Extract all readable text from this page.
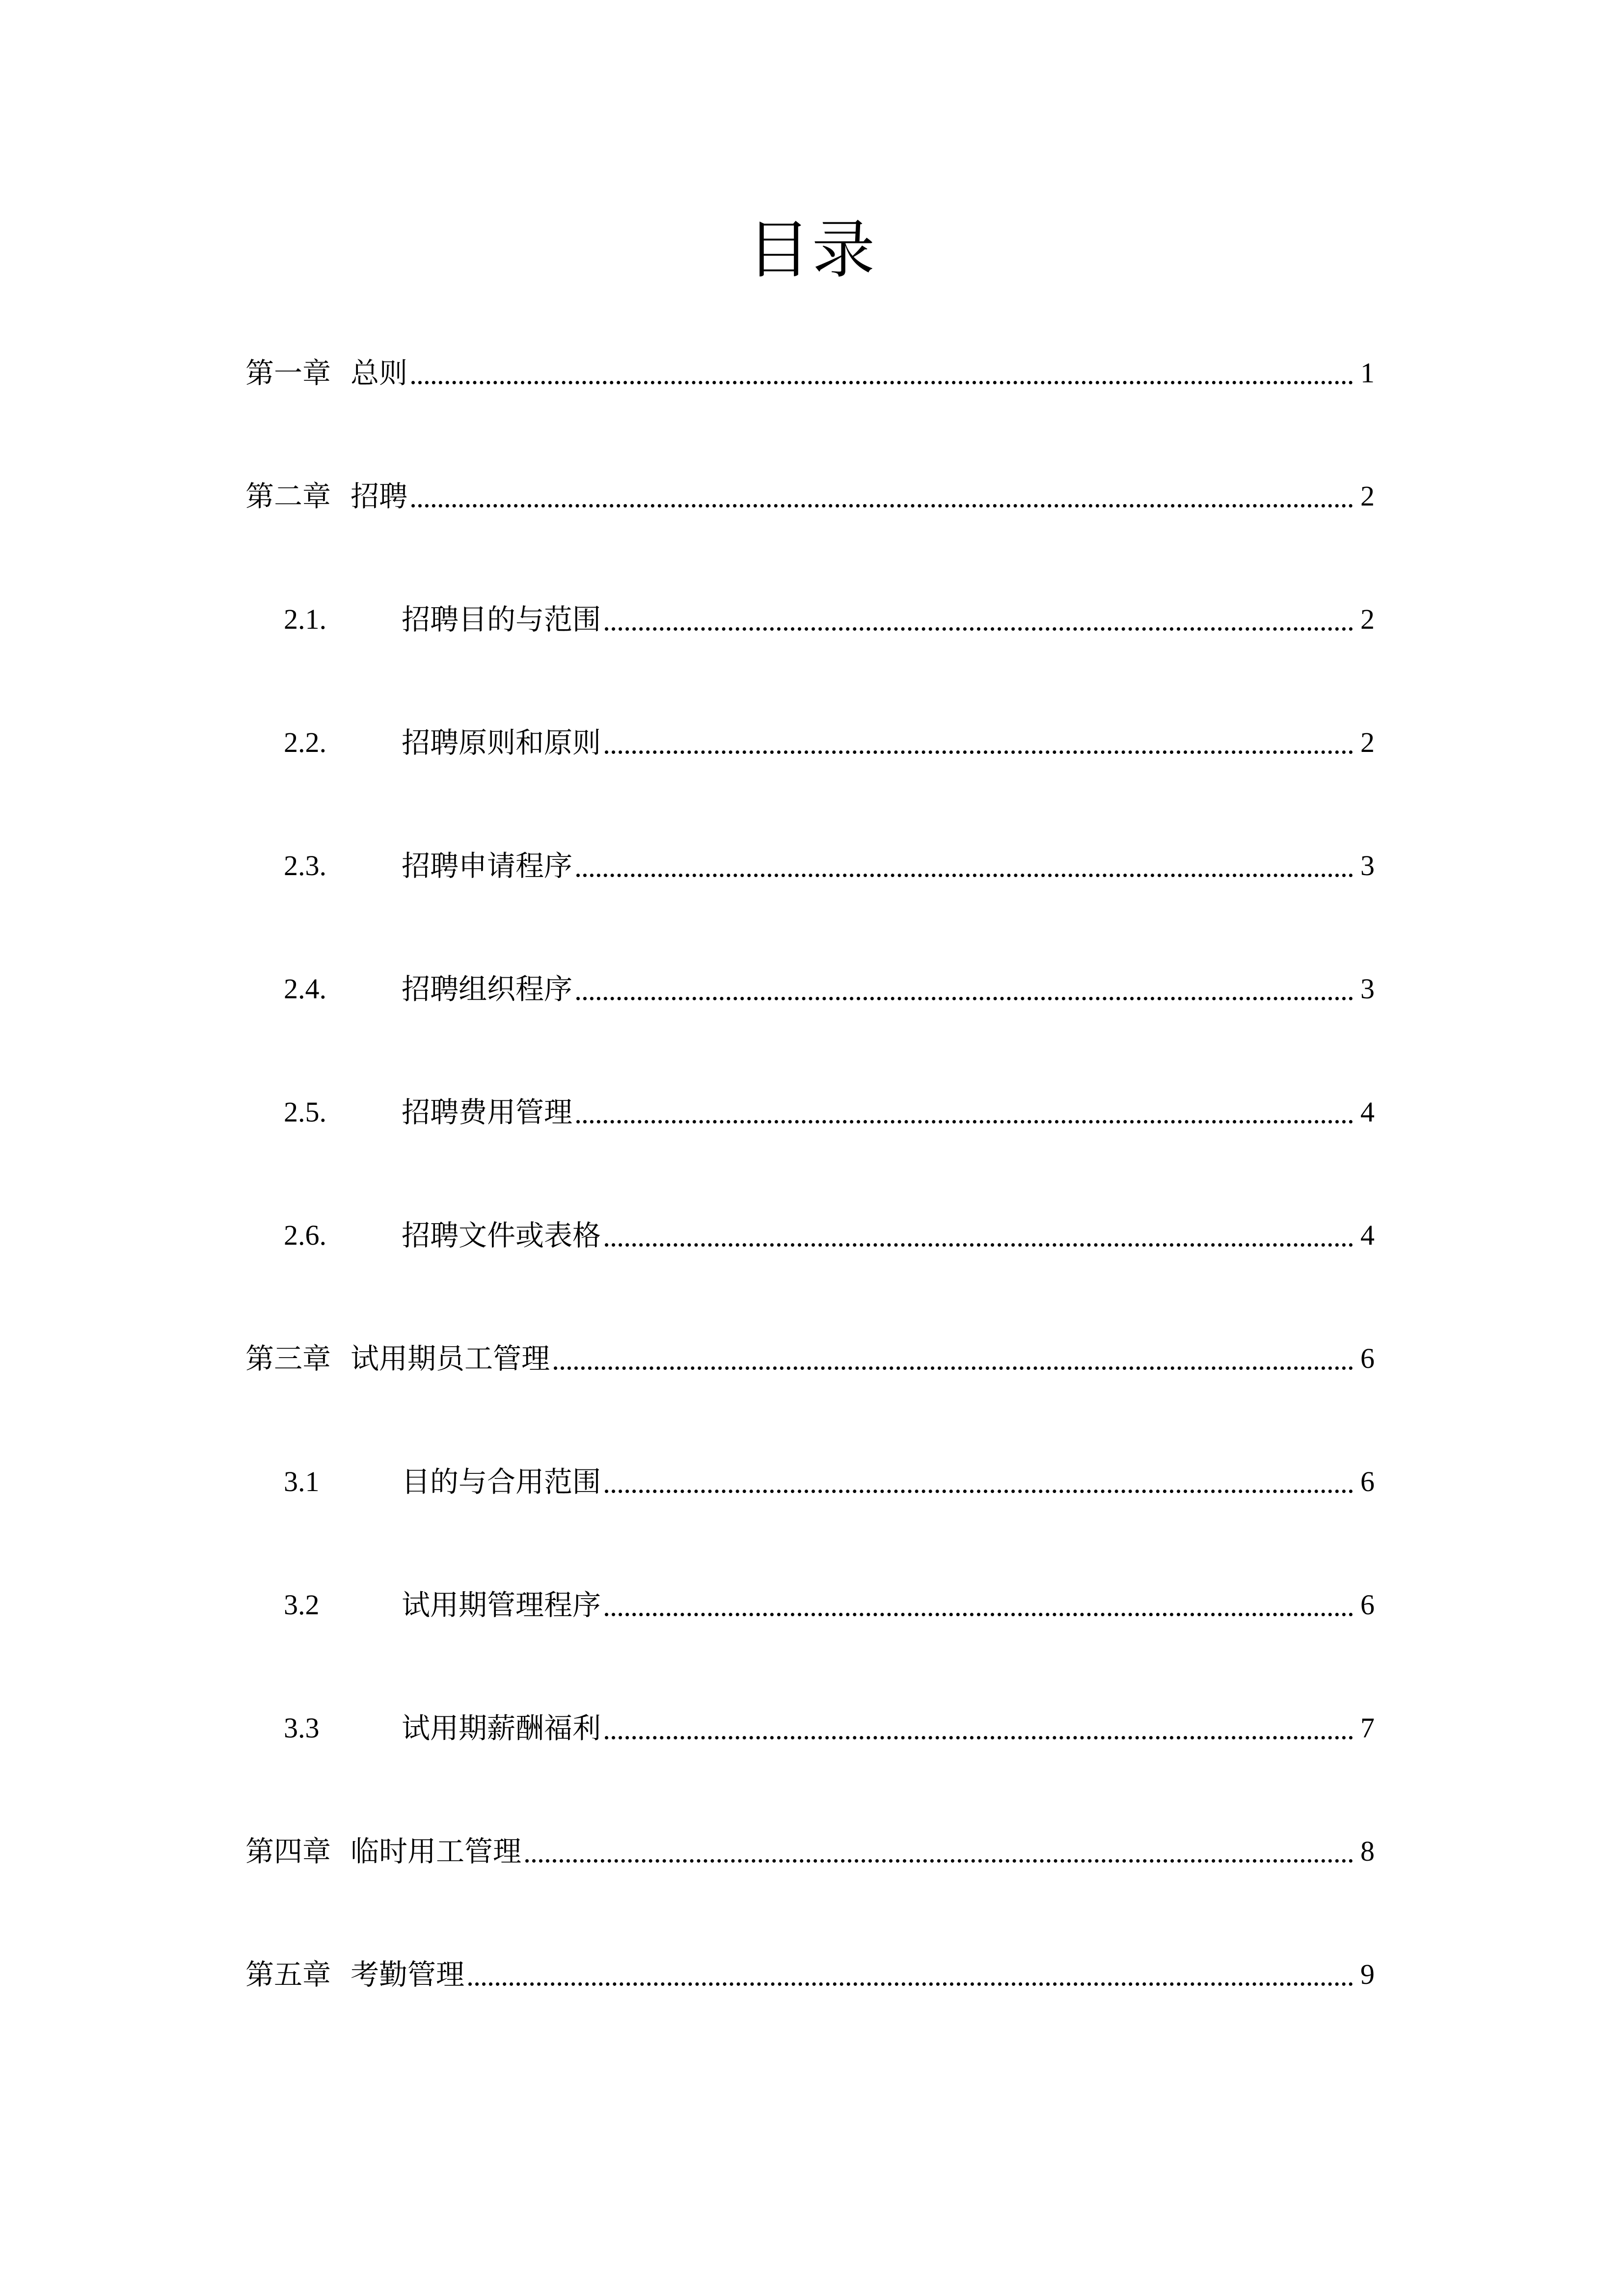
目录
第一章 总则	1
第二章 招聘	2
2.1.	招聘目的与范围	2
2.2.	招聘原则和原则	2
2.3.	招聘申请程序	3
2.4.	招聘组织程序	3
2.5.	招聘费用管理	4
2.6.	招聘文件或表格	4
第三章 试用期员工管理	6
3.1	目的与合用范围	6
3.2	试用期管理程序	6
3.3	试用期薪酬福利	7
第四章 临时用工管理	8
第五章 考勤管理	9
